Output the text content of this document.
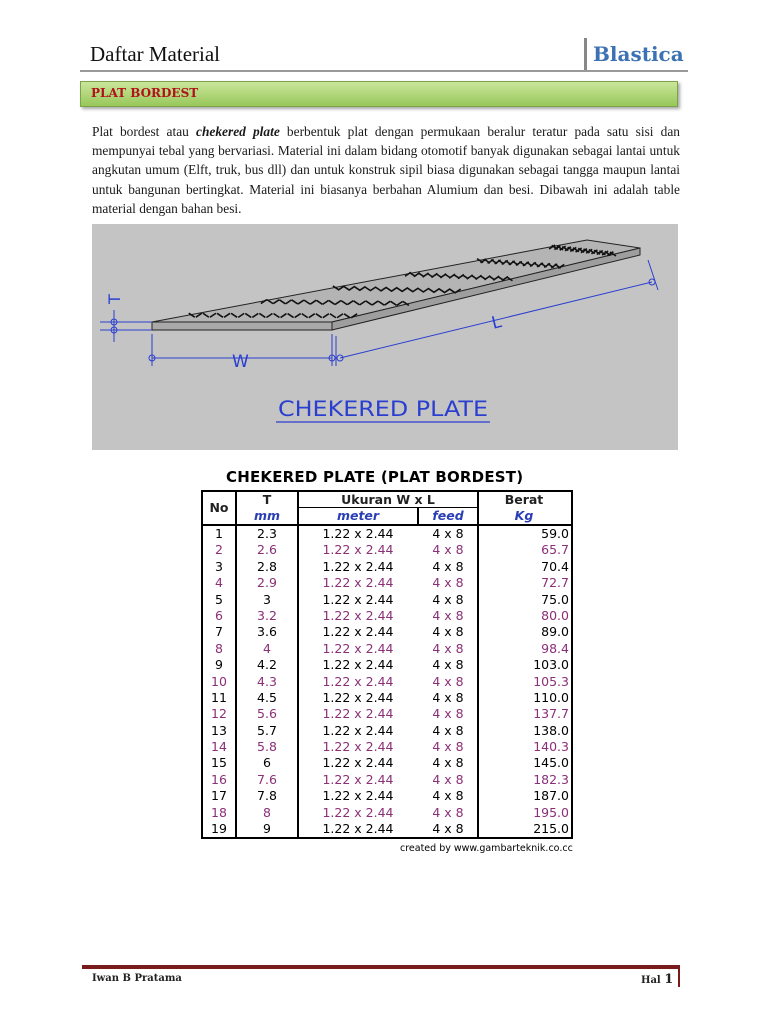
Daftar Material	Blastica
PLAT BORDEST
Plat bordest atau chekered plate berbentuk plat dengan permukaan beralur teratur pada satu sisi dan mempunyai tebal yang bervariasi. Material ini dalam bidang otomotif banyak digunakan sebagai lantai untuk angkutan umum (Elft, truk, bus dll) dan untuk konstruk sipil biasa digunakan sebagai tangga maupun lantai untuk bangunan bertingkat. Material ini biasanya berbahan Alumium dan besi. Dibawah ini adalah table material dengan bahan besi.
T
W
L
CHEKERED PLATE
CHEKERED PLATE (PLAT BORDEST)
No
T
mm
Ukuran W x L
meter	feed
Berat
Kg
1	2.3	1.22 x 2.44	4 x 8	59.0
2	2.6	1.22 x 2.44	4 x 8	65.7
3	2.8	1.22 x 2.44	4 x 8	70.4
4	2.9	1.22 x 2.44	4 x 8	72.7
5	3	1.22 x 2.44	4 x 8	75.0
6	3.2	1.22 x 2.44	4 x 8	80.0
7	3.6	1.22 x 2.44	4 x 8	89.0
8	4	1.22 x 2.44	4 x 8	98.4
9	4.2	1.22 x 2.44	4 x 8	103.0
10	4.3	1.22 x 2.44	4 x 8	105.3
11	4.5	1.22 x 2.44	4 x 8	110.0
12	5.6	1.22 x 2.44	4 x 8	137.7
13	5.7	1.22 x 2.44	4 x 8	138.0
14	5.8	1.22 x 2.44	4 x 8	140.3
15	6	1.22 x 2.44	4 x 8	145.0
16	7.6	1.22 x 2.44	4 x 8	182.3
17	7.8	1.22 x 2.44	4 x 8	187.0
18	8	1.22 x 2.44	4 x 8	195.0
19	9	1.22 x 2.44	4 x 8	215.0
created by www.gambarteknik.co.cc
Iwan B Pratama	Hal 1
